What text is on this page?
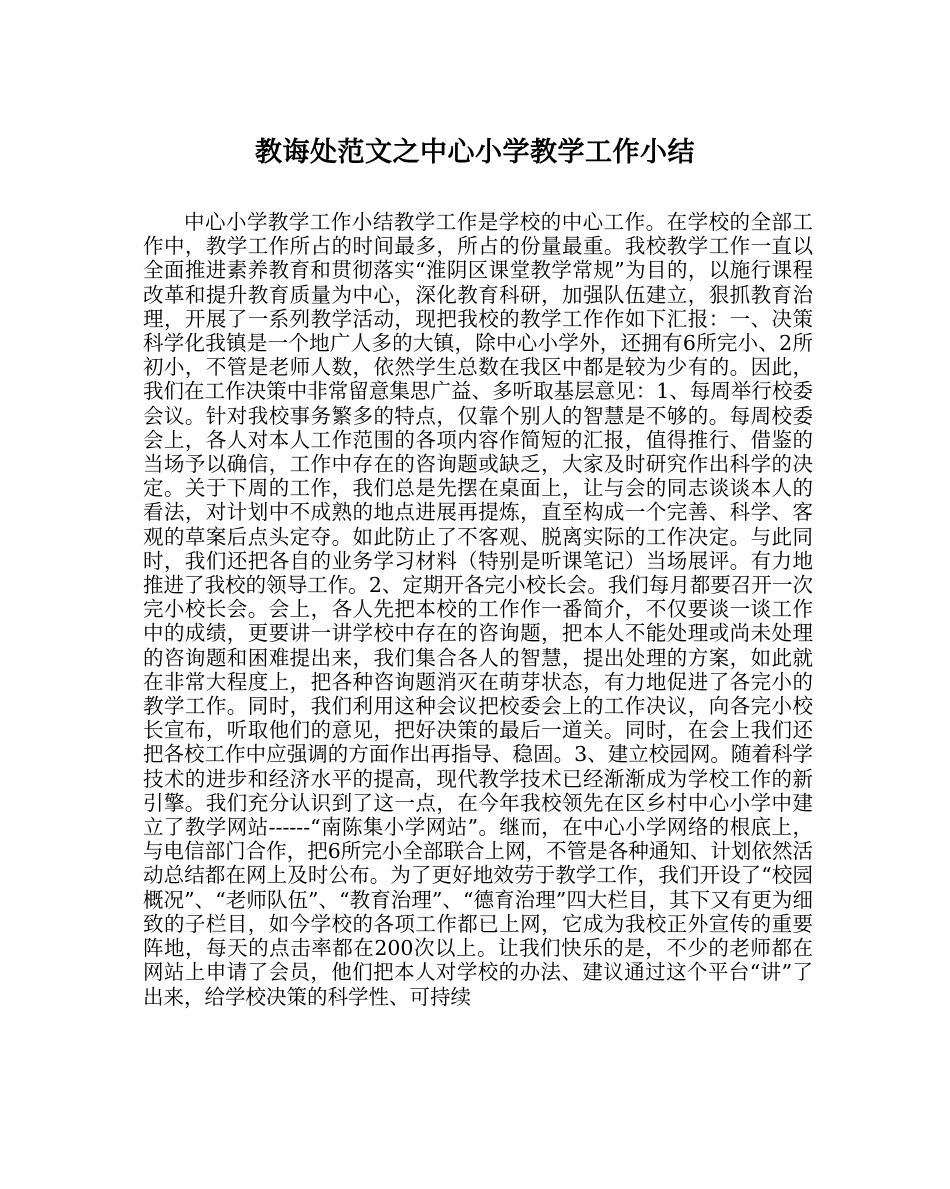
教诲处范文之中心小学教学工作小结

中心小学教学工作小结教学工作是学校的中心工作。在学校的全部工作中，教学工作所占的时间最多，所占的份量最重。我校教学工作一直以全面推进素养教育和贯彻落实“淮阴区课堂教学常规”为目的，以施行课程改革和提升教育质量为中心，深化教育科研，加强队伍建立，狠抓教育治理，开展了一系列教学活动，现把我校的教学工作作如下汇报：一、决策科学化我镇是一个地广人多的大镇，除中心小学外，还拥有6所完小、2所初小，不管是老师人数，依然学生总数在我区中都是较为少有的。因此，我们在工作决策中非常留意集思广益、多听取基层意见：1、每周举行校委会议。针对我校事务繁多的特点，仅靠个别人的智慧是不够的。每周校委会上，各人对本人工作范围的各项内容作简短的汇报，值得推行、借鉴的当场予以确信，工作中存在的咨询题或缺乏，大家及时研究作出科学的决定。关于下周的工作，我们总是先摆在桌面上，让与会的同志谈谈本人的看法，对计划中不成熟的地点进展再提炼，直至构成一个完善、科学、客观的草案后点头定夺。如此防止了不客观、脱离实际的工作决定。与此同时，我们还把各自的业务学习材料（特别是听课笔记）当场展评。有力地推进了我校的领导工作。2、定期开各完小校长会。我们每月都要召开一次完小校长会。会上，各人先把本校的工作作一番简介，不仅要谈一谈工作中的成绩，更要讲一讲学校中存在的咨询题，把本人不能处理或尚未处理的咨询题和困难提出来，我们集合各人的智慧，提出处理的方案，如此就在非常大程度上，把各种咨询题消灭在萌芽状态，有力地促进了各完小的教学工作。同时，我们利用这种会议把校委会上的工作决议，向各完小校长宣布，听取他们的意见，把好决策的最后一道关。同时，在会上我们还把各校工作中应强调的方面作出再指导、稳固。3、建立校园网。随着科学技术的进步和经济水平的提高，现代教学技术已经渐渐成为学校工作的新引擎。我们充分认识到了这一点，在今年我校领先在区乡村中心小学中建立了教学网站------“南陈集小学网站”。继而，在中心小学网络的根底上，与电信部门合作，把6所完小全部联合上网，不管是各种通知、计划依然活动总结都在网上及时公布。为了更好地效劳于教学工作，我们开设了“校园概况”、“老师队伍”、“教育治理”、“德育治理”四大栏目，其下又有更为细致的子栏目，如今学校的各项工作都已上网，它成为我校正外宣传的重要阵地，每天的点击率都在200次以上。让我们快乐的是，不少的老师都在网站上申请了会员，他们把本人对学校的办法、建议通过这个平台“讲”了出来，给学校决策的科学性、可持续
